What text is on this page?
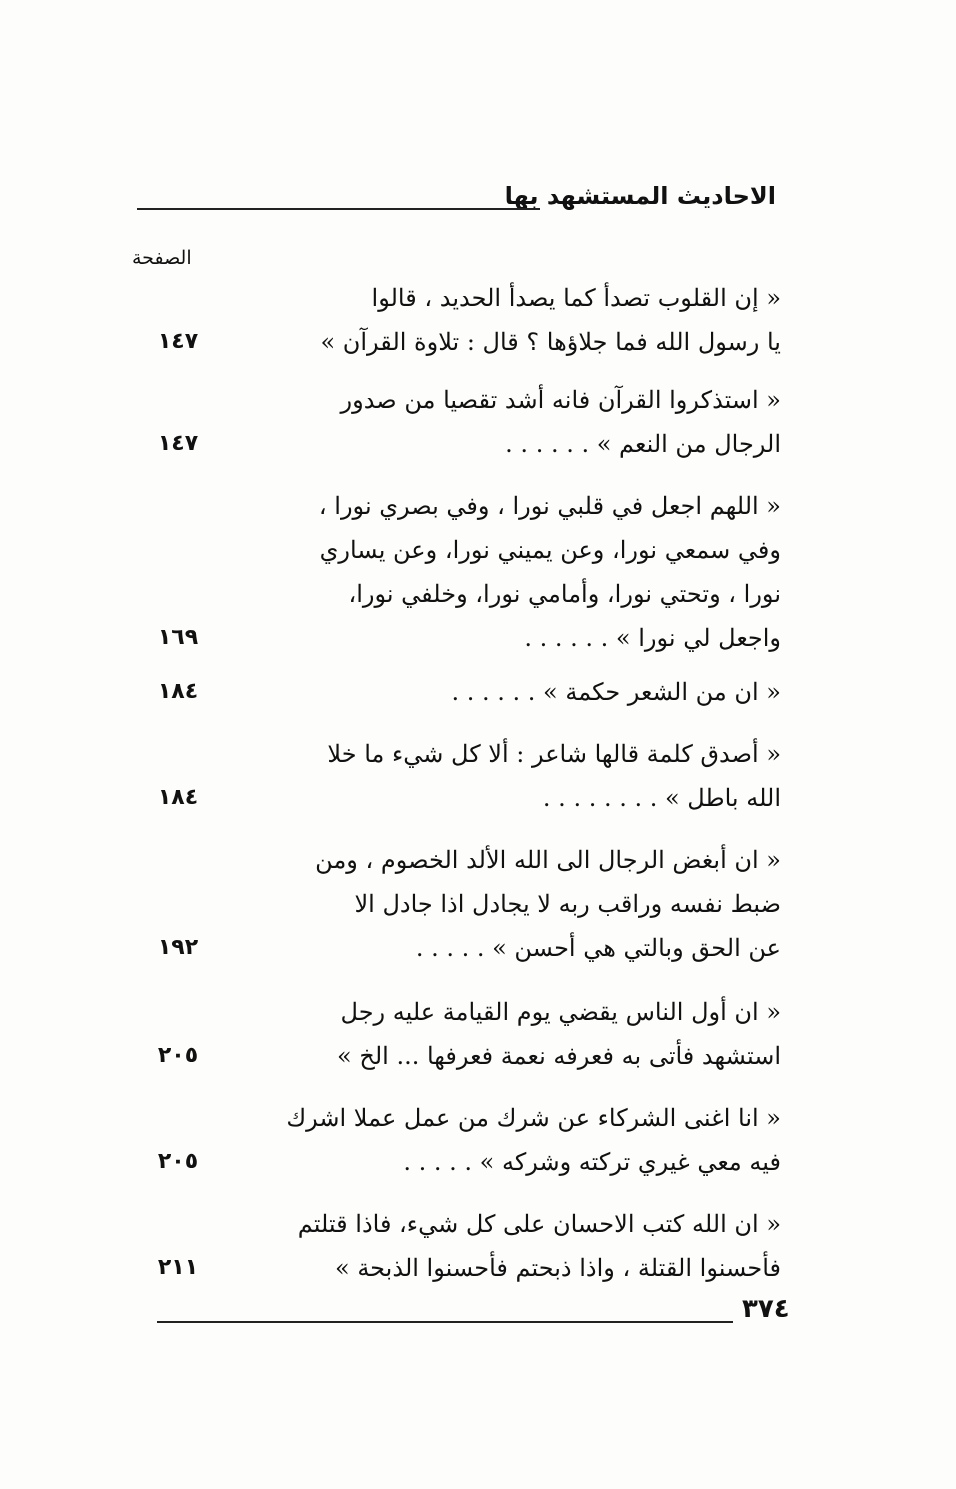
الاحاديث المستشهد بها
الصفحة
« إن القلوب تصدأ كما يصدأ الحديد ، قالوا
يا رسول الله فما جلاؤها ؟ قال : تلاوة القرآن »
١٤٧
« استذكروا القرآن فانه أشد تقصيا من صدور
الرجال من النعم » . . . . . .
١٤٧
« اللهم اجعل في قلبي نورا ، وفي بصري نورا ،
وفي سمعي نورا، وعن يميني نورا، وعن يساري
نورا ، وتحتي نورا، وأمامي نورا، وخلفي نورا،
واجعل لي نورا » . . . . . .
١٦٩
« ان من الشعر حكمة » . . . . . .
١٨٤
« أصدق كلمة قالها شاعر : ألا كل شيء ما خلا
الله باطل » . . . . . . . .
١٨٤
« ان أبغض الرجال الى الله الألد الخصوم ، ومن
ضبط نفسه وراقب ربه لا يجادل اذا جادل الا
عن الحق وبالتي هي أحسن » . . . . .
١٩٢
« ان أول الناس يقضي يوم القيامة عليه رجل
استشهد فأتى به فعرفه نعمة فعرفها ... الخ »
٢٠٥
« انا اغنى الشركاء عن شرك من عمل عملا اشرك
فيه معي غيري تركته وشركه » . . . . .
٢٠٥
« ان الله كتب الاحسان على كل شيء، فاذا قتلتم
فأحسنوا القتلة ، واذا ذبحتم فأحسنوا الذبحة »
٢١١
٣٧٤
